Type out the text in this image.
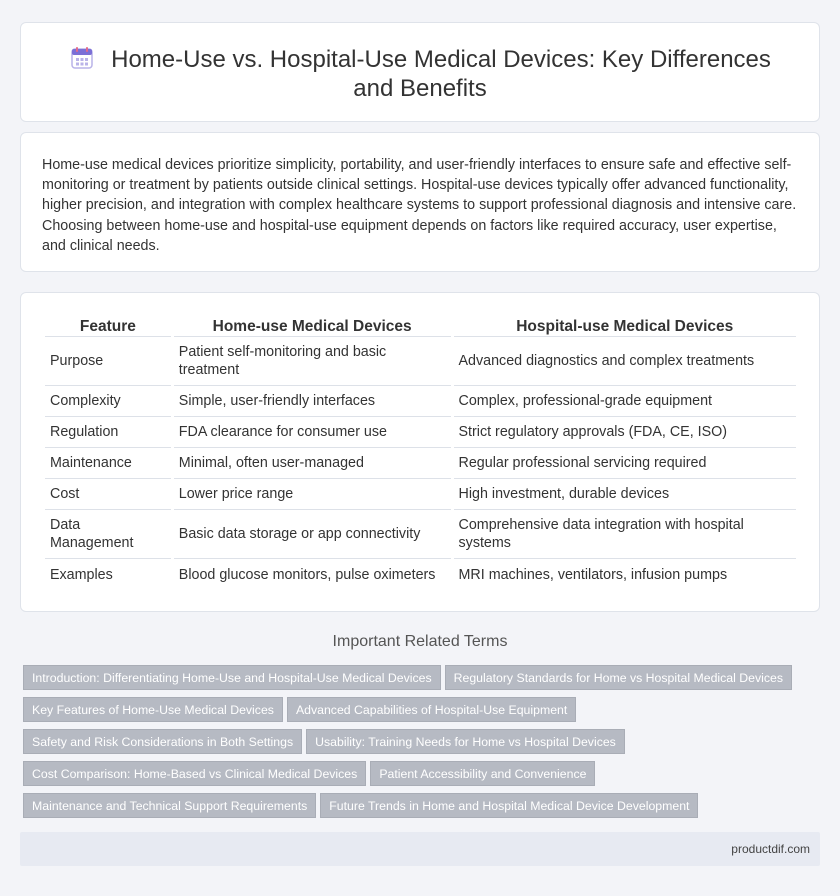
Home-Use vs. Hospital-Use Medical Devices: Key Differences and Benefits

Home-use medical devices prioritize simplicity, portability, and user-friendly interfaces to ensure safe and effective self-monitoring or treatment by patients outside clinical settings. Hospital-use devices typically offer advanced functionality, higher precision, and integration with complex healthcare systems to support professional diagnosis and intensive care. Choosing between home-use and hospital-use equipment depends on factors like required accuracy, user expertise, and clinical needs.

Feature	Home-use Medical Devices	Hospital-use Medical Devices
Purpose	Patient self-monitoring and basic treatment	Advanced diagnostics and complex treatments
Complexity	Simple, user-friendly interfaces	Complex, professional-grade equipment
Regulation	FDA clearance for consumer use	Strict regulatory approvals (FDA, CE, ISO)
Maintenance	Minimal, often user-managed	Regular professional servicing required
Cost	Lower price range	High investment, durable devices
Data Management	Basic data storage or app connectivity	Comprehensive data integration with hospital systems
Examples	Blood glucose monitors, pulse oximeters	MRI machines, ventilators, infusion pumps
Important Related Terms
Introduction: Differentiating Home-Use and Hospital-Use Medical Devices Regulatory Standards for Home vs Hospital Medical Devices
Key Features of Home-Use Medical Devices Advanced Capabilities of Hospital-Use Equipment
Safety and Risk Considerations in Both Settings Usability: Training Needs for Home vs Hospital Devices
Cost Comparison: Home-Based vs Clinical Medical Devices Patient Accessibility and Convenience
Maintenance and Technical Support Requirements Future Trends in Home and Hospital Medical Device Development
productdif.com
